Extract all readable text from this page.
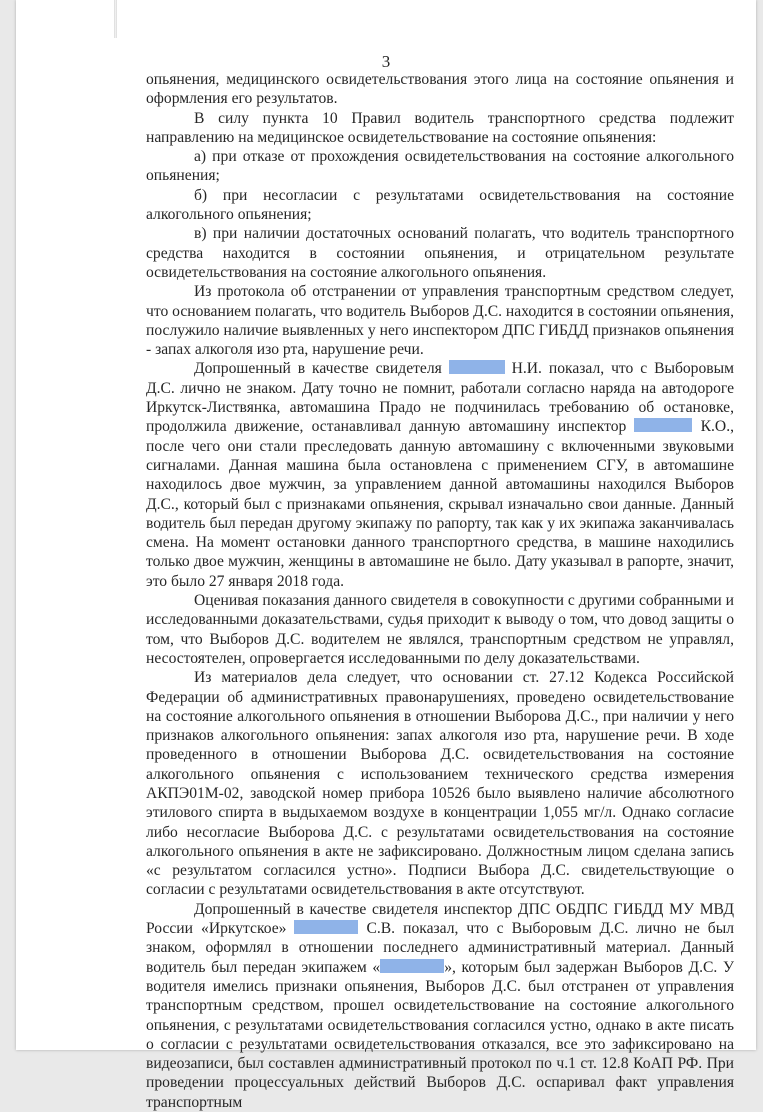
3

опьянения, медицинского освидетельствования этого лица на состояние опьянения и оформления его результатов.

В силу пункта 10 Правил водитель транспортного средства подлежит направлению на медицинское освидетельствование на состояние опьянения:

а) при отказе от прохождения освидетельствования на состояние алкогольного опьянения;

б) при несогласии с результатами освидетельствования на состояние алкогольного опьянения;

в) при наличии достаточных оснований полагать, что водитель транспортного средства находится в состоянии опьянения, и отрицательном результате освидетельствования на состояние алкогольного опьянения.

Из протокола об отстранении от управления транспортным средством следует, что основанием полагать, что водитель Выборов Д.С. находится в состоянии опьянения, послужило наличие выявленных у него инспектором ДПС ГИБДД признаков опьянения - запах алкоголя изо рта, нарушение речи.

Допрошенный в качестве свидетеля	Н.И. показал, что с Выборовым Д.С. лично не знаком. Дату точно не помнит, работали согласно наряда на автодороге Иркутск-Листвянка, автомашина Прадо не подчинилась требованию об остановке, продолжила движение, останавливал данную автомашину инспектор	К.О., после чего они стали преследовать данную автомашину с включенными звуковыми сигналами. Данная машина была остановлена с применением СГУ, в автомашине находилось двое мужчин, за управлением данной автомашины находился Выборов Д.С., который был с признаками опьянения, скрывал изначально свои данные. Данный водитель был передан другому экипажу по рапорту, так как у их экипажа заканчивалась смена. На момент остановки данного транспортного средства, в машине находились только двое мужчин, женщины в автомашине не было. Дату указывал в рапорте, значит, это было 27 января 2018 года.

Оценивая показания данного свидетеля в совокупности с другими собранными и исследованными доказательствами, судья приходит к выводу о том, что довод защиты о том, что Выборов Д.С. водителем не являлся, транспортным средством не управлял, несостоятелен, опровергается исследованными по делу доказательствами.

Из материалов дела следует, что основании ст. 27.12 Кодекса Российской Федерации об административных правонарушениях, проведено освидетельствование на состояние алкогольного опьянения в отношении Выборова Д.С., при наличии у него признаков алкогольного опьянения: запах алкоголя изо рта, нарушение речи. В ходе проведенного в отношении Выборова Д.С. освидетельствования на состояние алкогольного опьянения с использованием технического средства измерения АКПЭ01М-02, заводской номер прибора 10526 было выявлено наличие абсолютного этилового спирта в выдыхаемом воздухе в концентрации 1,055 мг/л. Однако согласие либо несогласие Выборова Д.С. с результатами освидетельствования на состояние алкогольного опьянения в акте не зафиксировано. Должностным лицом сделана запись «с результатом согласился устно». Подписи Выбора Д.С. свидетельствующие о согласии с результатами освидетельствования в акте отсутствуют.

Допрошенный в качестве свидетеля инспектор ДПС ОБДПС ГИБДД МУ МВД России «Иркутское»	С.В. показал, что с Выборовым Д.С. лично не был знаком, оформлял в отношении последнего административный материал. Данный водитель был передан экипажем «	», которым был задержан Выборов Д.С. У водителя имелись признаки опьянения, Выборов Д.С. был отстранен от управления транспортным средством, прошел освидетельствование на состояние алкогольного опьянения, с результатами освидетельствования согласился устно, однако в акте писать о согласии с результатами освидетельствования отказался, все это зафиксировано на видеозаписи, был составлен административный протокол по ч.1 ст. 12.8 КоАП РФ. При проведении процессуальных действий Выборов Д.С. оспаривал факт управления транспортным
